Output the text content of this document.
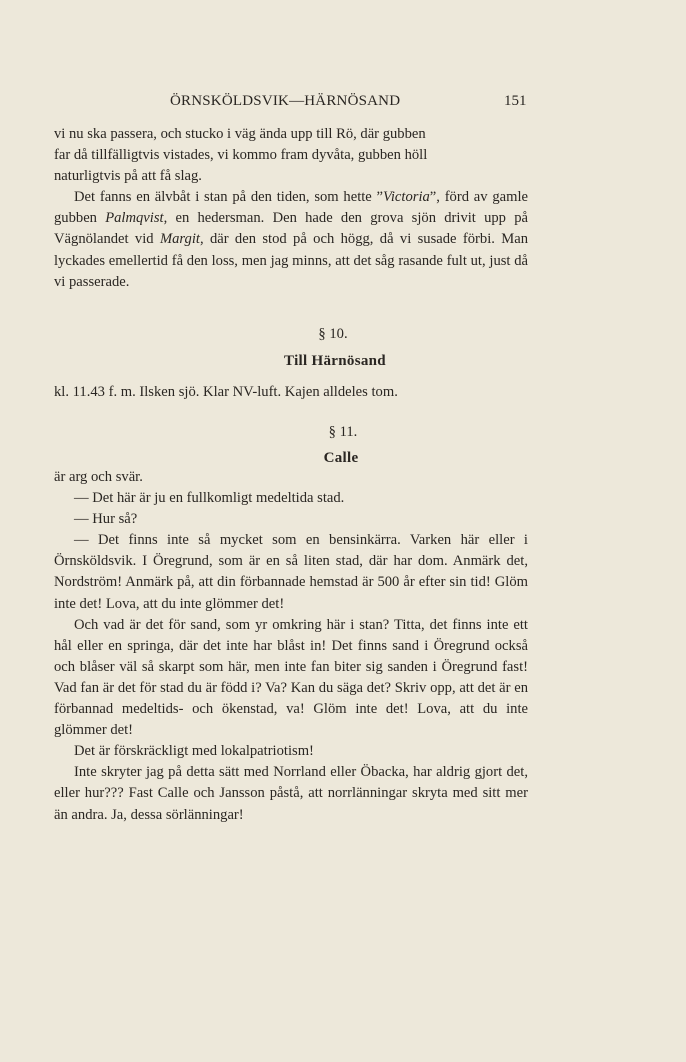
ÖRNSKÖLDSVIK—HÄRNÖSAND	151

vi nu ska passera, och stucko i väg ända upp till Rö, där gubben

far då tillfälligtvis vistades, vi kommo fram dyvåta, gubben höll

naturligtvis på att få slag.

Det fanns en älvbåt i stan på den tiden, som hette ”Victoria”, förd av gamle gubben Palmqvist, en hedersman. Den hade den grova sjön drivit upp på Vägnölandet vid Margit, där den stod på och högg, då vi susade förbi. Man lyckades emellertid få den loss, men jag minns, att det såg rasande fult ut, just då vi passerade.

§ 10.
Till Härnösand

kl. 11.43 f. m. Ilsken sjö. Klar NV-luft. Kajen alldeles tom.

§ 11.
Calle

är arg och svär.

— Det här är ju en fullkomligt medeltida stad.

— Hur så?

— Det finns inte så mycket som en bensinkärra. Varken här eller i Örnsköldsvik. I Öregrund, som är en så liten stad, där har dom. Anmärk det, Nordström! Anmärk på, att din förbannade hemstad är 500 år efter sin tid! Glöm inte det! Lova, att du inte glömmer det!

Och vad är det för sand, som yr omkring här i stan? Titta, det finns inte ett hål eller en springa, där det inte har blåst in! Det finns sand i Öregrund också och blåser väl så skarpt som här, men inte fan biter sig sanden i Öregrund fast! Vad fan är det för stad du är född i? Va? Kan du säga det? Skriv opp, att det är en förbannad medeltids- och ökenstad, va! Glöm inte det! Lova, att du inte glömmer det!

Det är förskräckligt med lokalpatriotism!

Inte skryter jag på detta sätt med Norrland eller Öbacka, har aldrig gjort det, eller hur??? Fast Calle och Jansson påstå, att norrlänningar skryta med sitt mer än andra. Ja, dessa sörlänningar!
